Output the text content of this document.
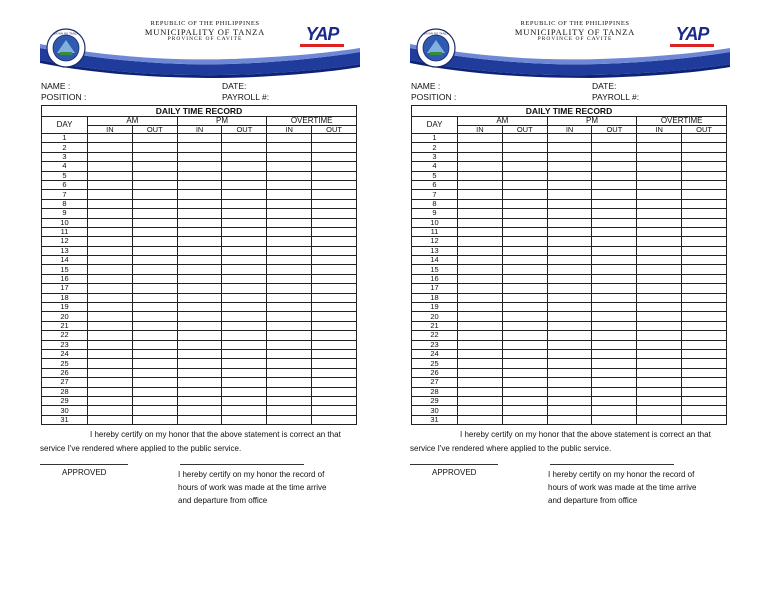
REPUBLIC OF THE PHILIPPINES
MUNICIPALITY OF TANZA
PROVINCE OF CAVITE
BAYAN NG TANZA	YAP
NAME :	DATE:
POSITION :	PAYROLL #:
DAILY TIME RECORD						
DAY	AM		PM		OVERTIME	
	IN	OUT	IN	OUT	IN	OUT
1						
2						
3						
4						
5						
6						
7						
8						
9						
10						
11						
12						
13						
14						
15						
16						
17						
18						
19						
20						
21						
22						
23						
24						
25						
26						
27						
28						
29						
30						
31						
I hereby certify on my honor that the above statement is correct an that
service I've rendered where applied to the public service.
APPROVED	I hereby certify on my honor the record of
hours of work was made at the time arrive
and departure from office
REPUBLIC OF THE PHILIPPINES
MUNICIPALITY OF TANZA
PROVINCE OF CAVITE
BAYAN NG TANZA	YAP
NAME :	DATE:
POSITION :	PAYROLL #:
DAILY TIME RECORD						
DAY	AM		PM		OVERTIME	
	IN	OUT	IN	OUT	IN	OUT
1						
2						
3						
4						
5						
6						
7						
8						
9						
10						
11						
12						
13						
14						
15						
16						
17						
18						
19						
20						
21						
22						
23						
24						
25						
26						
27						
28						
29						
30						
31						
I hereby certify on my honor that the above statement is correct an that
service I've rendered where applied to the public service.
APPROVED	I hereby certify on my honor the record of
hours of work was made at the time arrive
and departure from office
